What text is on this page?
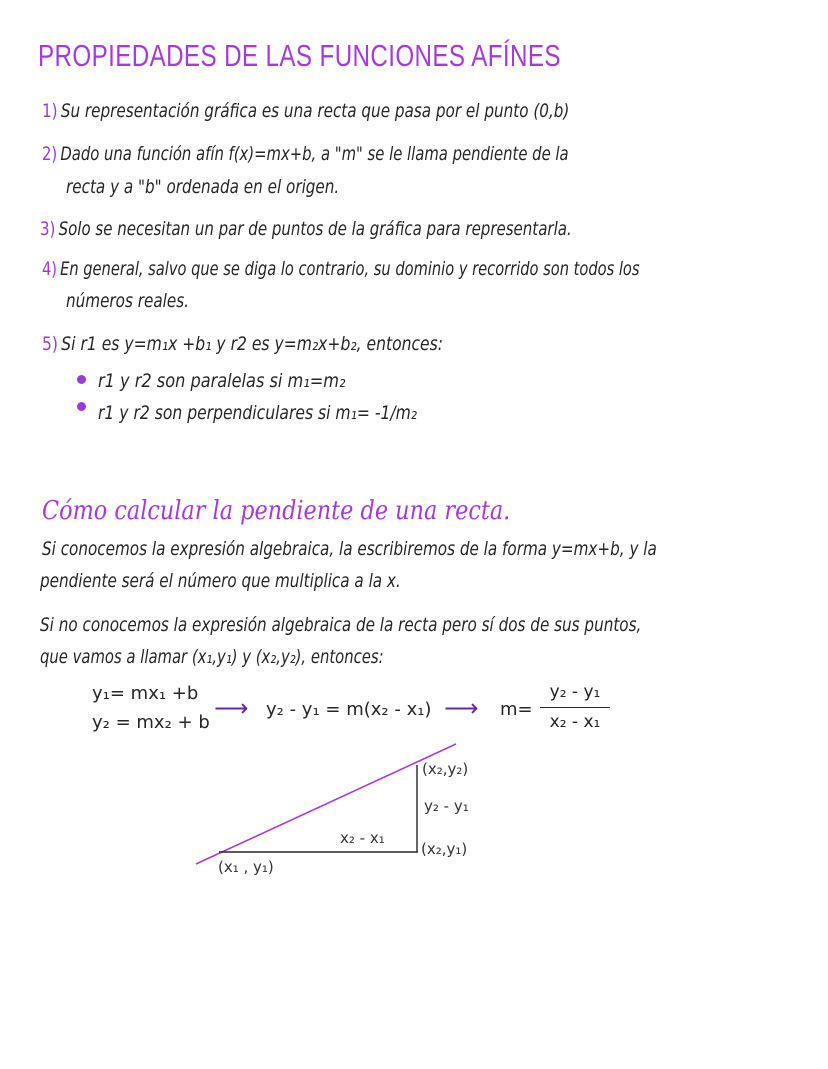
PROPIEDADES DE LAS FUNCIONES AFÍNES
1) Su representación gráfica es una recta que pasa por el punto (0,b)
2) Dado una función afín f(x)=mx+b, a "m" se le llama pendiente de la
recta y a "b" ordenada en el origen.
3) Solo se necesitan un par de puntos de la gráfica para representarla.
4) En general, salvo que se diga lo contrario, su dominio y recorrido son todos los
números reales.
5) Si r1 es y=m₁x +b₁ y r2 es y=m₂x+b₂, entonces:
r1 y r2 son paralelas si m₁=m₂
r1 y r2 son perpendiculares si m₁= -1/m₂
Cómo calcular la pendiente de una recta.
Si conocemos la expresión algebraica, la escribiremos de la forma y=mx+b, y la
pendiente será el número que multiplica a la x.
Si no conocemos la expresión algebraica de la recta pero sí dos de sus puntos,
que vamos a llamar (x₁,y₁) y (x₂,y₂), entonces:
y₁= mx₁ +b
y₂ = mx₂ + b
⟶ y₂ - y₁ = m(x₂ - x₁) ⟶ m=
y₂ - y₁
x₂ - x₁
(x₂,y₂)
y₂ - y₁
x₂ - x₁
(x₂,y₁)
(x₁ , y₁)
